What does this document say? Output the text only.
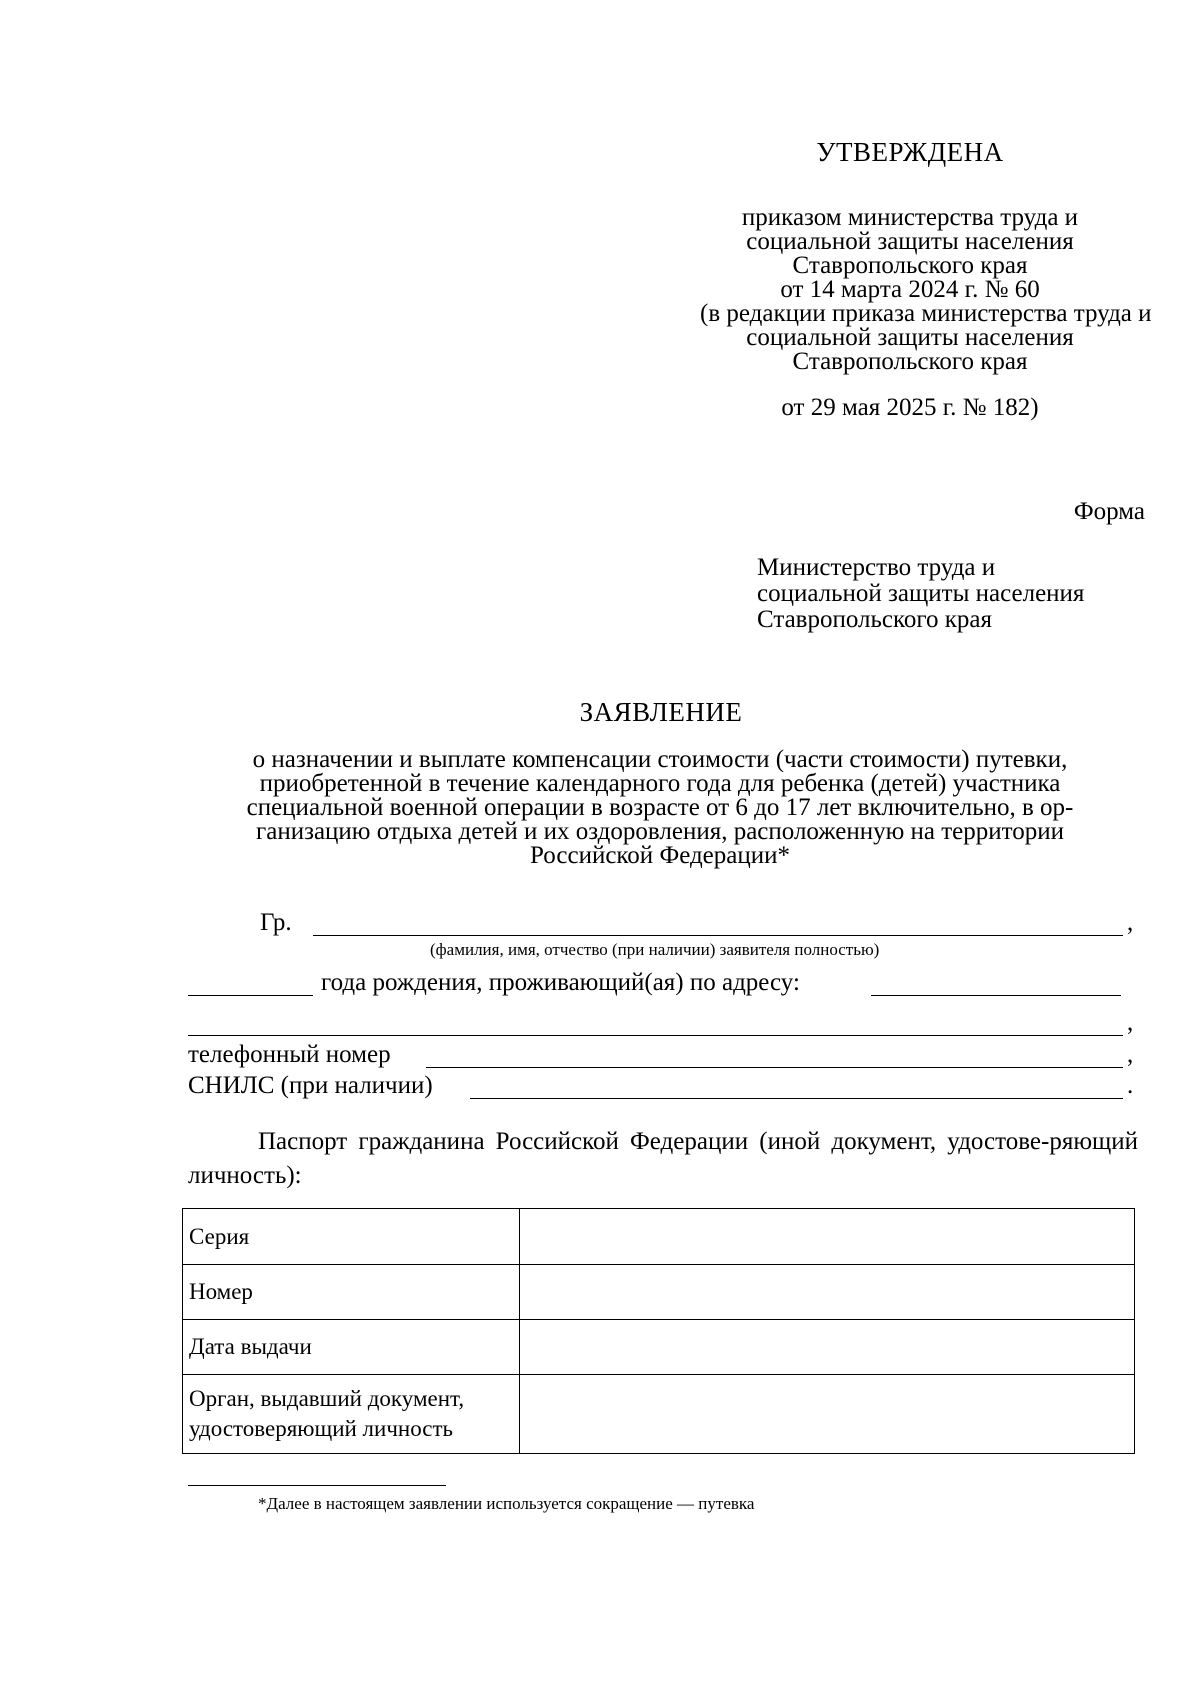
УТВЕРЖДЕНА
приказом министерства труда и
социальной защиты населения
Ставропольского края
от 14 марта 2024 г. № 60
(в редакции приказа министерства труда и
социальной защиты населения
Ставропольского края
от 29 мая 2025 г. № 182)
Форма
Министерство труда и
социальной защиты населения
Ставропольского края
ЗАЯВЛЕНИЕ
о назначении и выплате компенсации стоимости (части стоимости) путевки,
приобретенной в течение календарного года для ребенка (детей) участника
специальной военной операции в возрасте от 6 до 17 лет включительно, в ор-
ганизацию отдыха детей и их оздоровления, расположенную на территории
Российской Федерации*
Гр.	,
(фамилия, имя, отчество (при наличии) заявителя полностью)
года рождения, проживающий(ая) по адресу:
,
телефонный номер	,
СНИЛС (при наличии)	.
Паспорт гражданина Российской Федерации (иной документ, удостове-ряющий личность):
Серия	
Номер	
Дата выдачи	
Орган, выдавший документ, удостоверяющий личность	
*Далее в настоящем заявлении используется сокращение — путевка
